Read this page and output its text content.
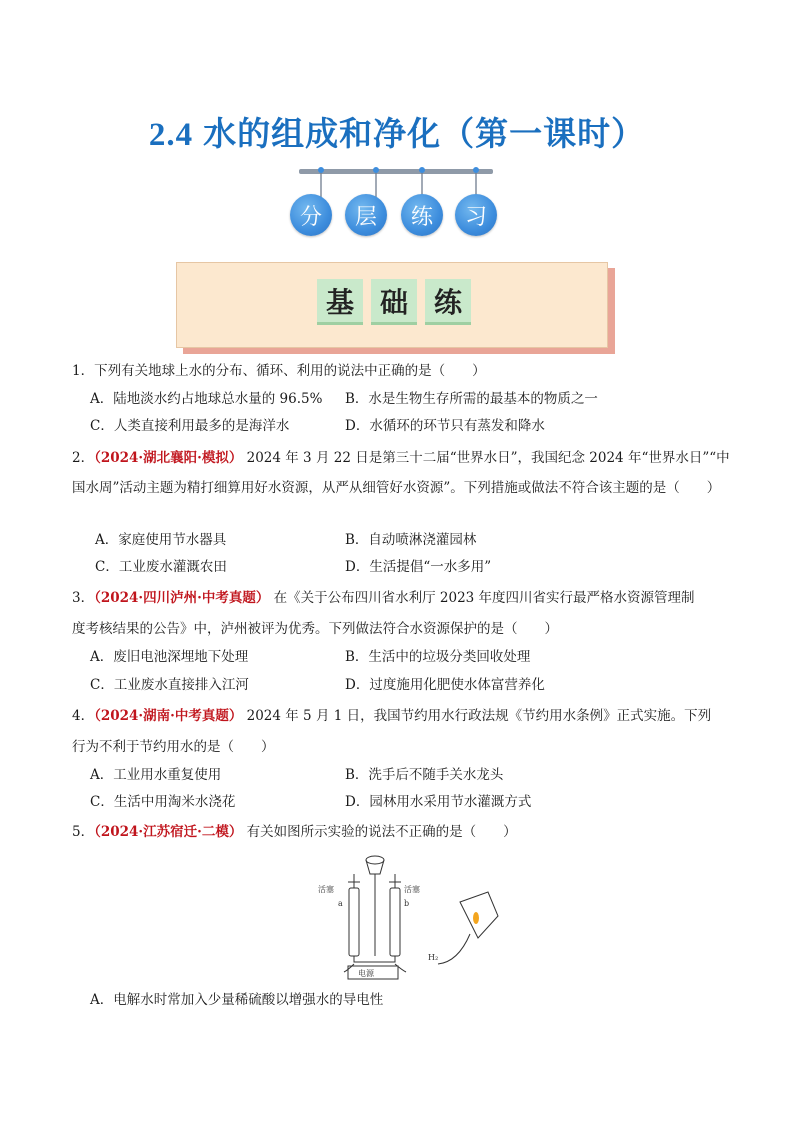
2.4 水的组成和净化（第一课时）
分	层	练	习
基 础 练
1．下列有关地球上水的分布、循环、利用的说法中正确的是（　　）
A．陆地淡水约占地球总水量的 96.5% B．水是生物生存所需的最基本的物质之一
C．人类直接利用最多的是海洋水	D．水循环的环节只有蒸发和降水
2．（2024·湖北襄阳·模拟） 2024 年 3 月 22 日是第三十二届“世界水日”，我国纪念 2024 年“世界水日”“中
国水周”活动主题为精打细算用好水资源，从严从细管好水资源”。下列措施或做法不符合该主题的是（　　）
A．家庭使用节水器具	B．自动喷淋浇灌园林
C．工业废水灌溉农田	D．生活提倡“一水多用”
3．（2024·四川泸州·中考真题） 在《关于公布四川省水利厅 2023 年度四川省实行最严格水资源管理制
度考核结果的公告》中，泸州被评为优秀。下列做法符合水资源保护的是（　　）
A．废旧电池深埋地下处理	B．生活中的垃圾分类回收处理
C．工业废水直接排入江河	D．过度施用化肥使水体富营养化
4．（2024·湖南·中考真题） 2024 年 5 月 1 日，我国节约用水行政法规《节约用水条例》正式实施。下列
行为不利于节约用水的是（　　）
A．工业用水重复使用	B．洗手后不随手关水龙头
C．生活中用淘米水浇花	D．园林用水采用节水灌溉方式
5．（2024·江苏宿迁·二模） 有关如图所示实验的说法不正确的是（　　）
活塞	活塞
a	b
电源
H₂
A．电解水时常加入少量稀硫酸以增强水的导电性
